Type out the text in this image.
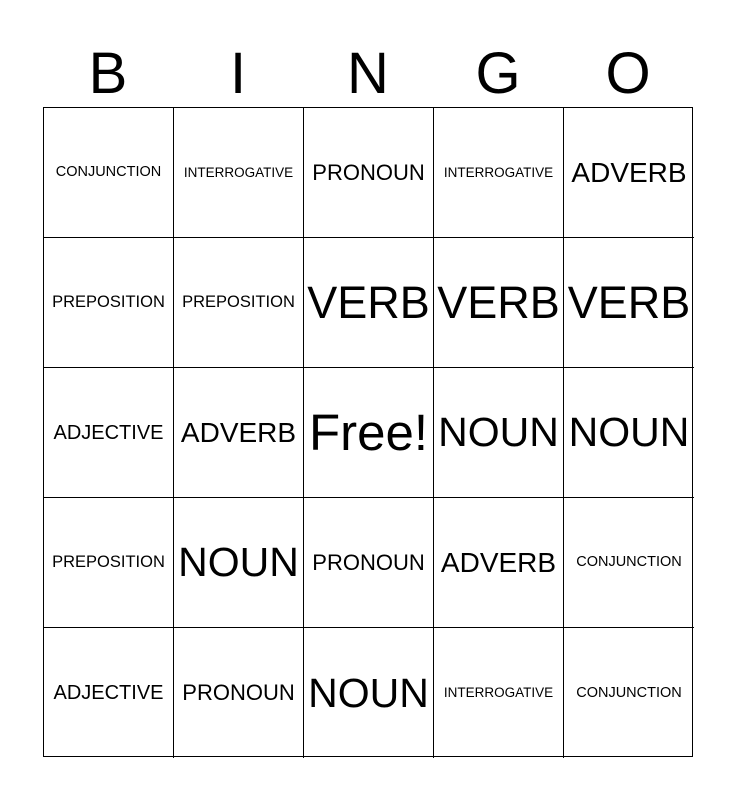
B	I	N	G	O
CONJUNCTION INTERROGATIVE PRONOUN INTERROGATIVE ADVERB
PREPOSITION PREPOSITION VERB VERB VERB
ADJECTIVE ADVERB Free! NOUN NOUN
PREPOSITION NOUN PRONOUN ADVERB CONJUNCTION
ADJECTIVE PRONOUN NOUN INTERROGATIVE CONJUNCTION
